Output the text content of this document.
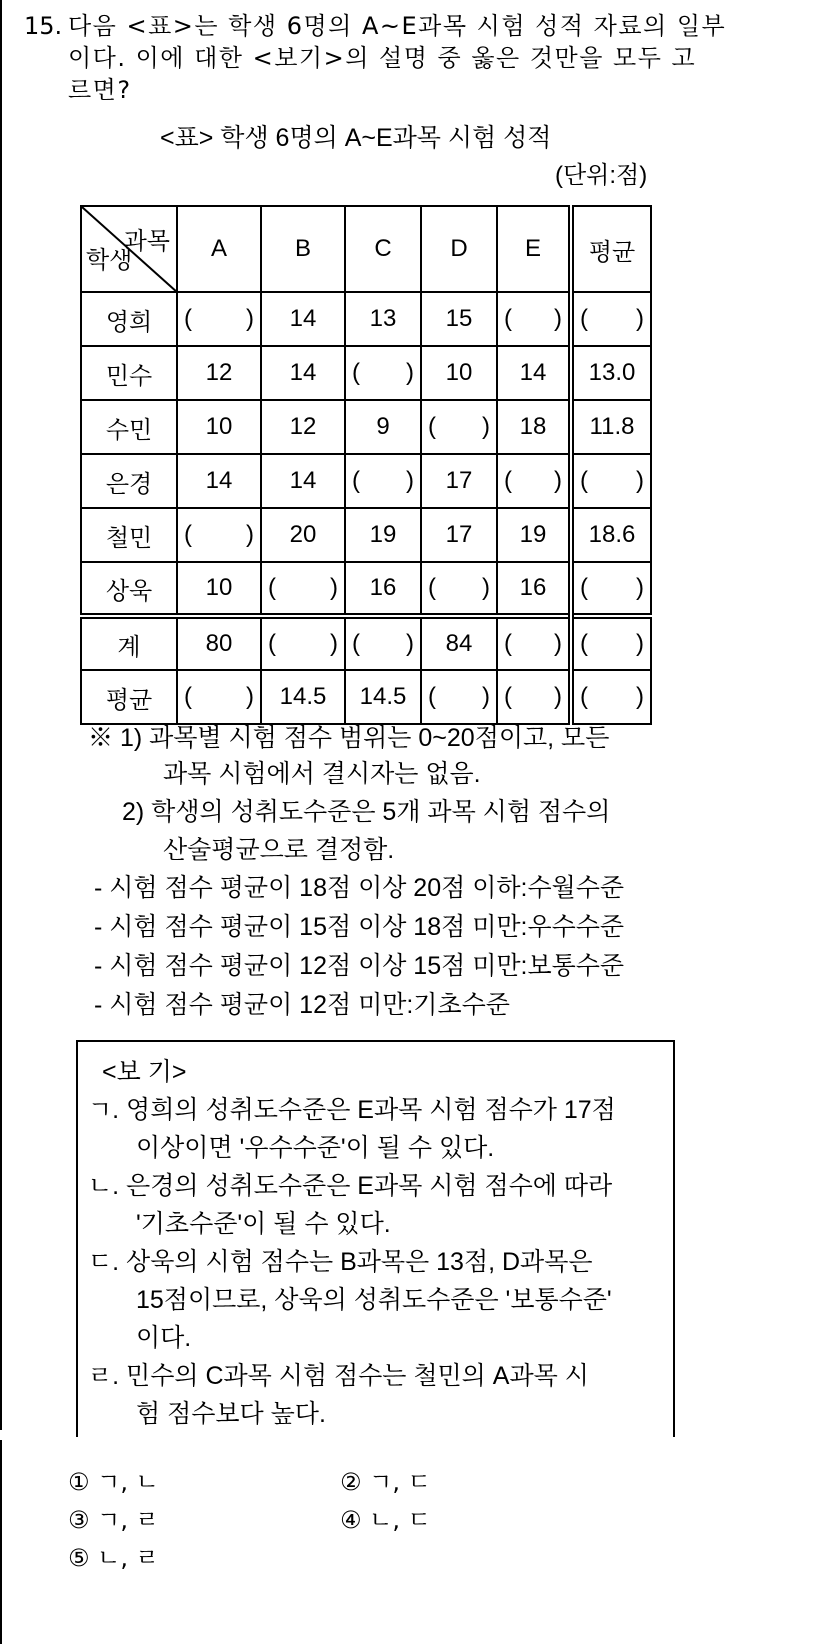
15. 다음 <표>는 학생 6명의 A~E과목 시험 성적 자료의 일부
이다. 이에 대한 <보기>의 설명 중 옳은 것만을 모두 고
르면?
<표> 학생 6명의 A~E과목 시험 성적
(단위:점)
과목
학생	A	B	C	D	E	평균
영희	( )	14	13	15	( )	( )

민수	12	14	( )	10	14	13.0
수민	10	12	9	( )	18	11.8
은경	14	14	( )	17	( )	( )

철민	( )	20	19	17	19	18.6
상욱	10	( )	16	( )	16	( )

계	80	( )	( )	84	( )	( )

평균	( )	14.5	14.5	( )	( )	( )
※ 1) 과목별 시험 점수 범위는 0~20점이고, 모든
과목 시험에서 결시자는 없음.
2) 학생의 성취도수준은 5개 과목 시험 점수의
산술평균으로 결정함.
- 시험 점수 평균이 18점 이상 20점 이하:수월수준
- 시험 점수 평균이 15점 이상 18점 미만:우수수준
- 시험 점수 평균이 12점 이상 15점 미만:보통수준
- 시험 점수 평균이 12점 미만:기초수준
<보 기>
ㄱ. 영희의 성취도수준은 E과목 시험 점수가 17점
이상이면 '우수수준'이 될 수 있다.
ㄴ. 은경의 성취도수준은 E과목 시험 점수에 따라
'기초수준'이 될 수 있다.
ㄷ. 상욱의 시험 점수는 B과목은 13점, D과목은
15점이므로, 상욱의 성취도수준은 '보통수준'
이다.
ㄹ. 민수의 C과목 시험 점수는 철민의 A과목 시
험 점수보다 높다.
① ㄱ, ㄴ	② ㄱ, ㄷ
③ ㄱ, ㄹ	④ ㄴ, ㄷ
⑤ ㄴ, ㄹ
